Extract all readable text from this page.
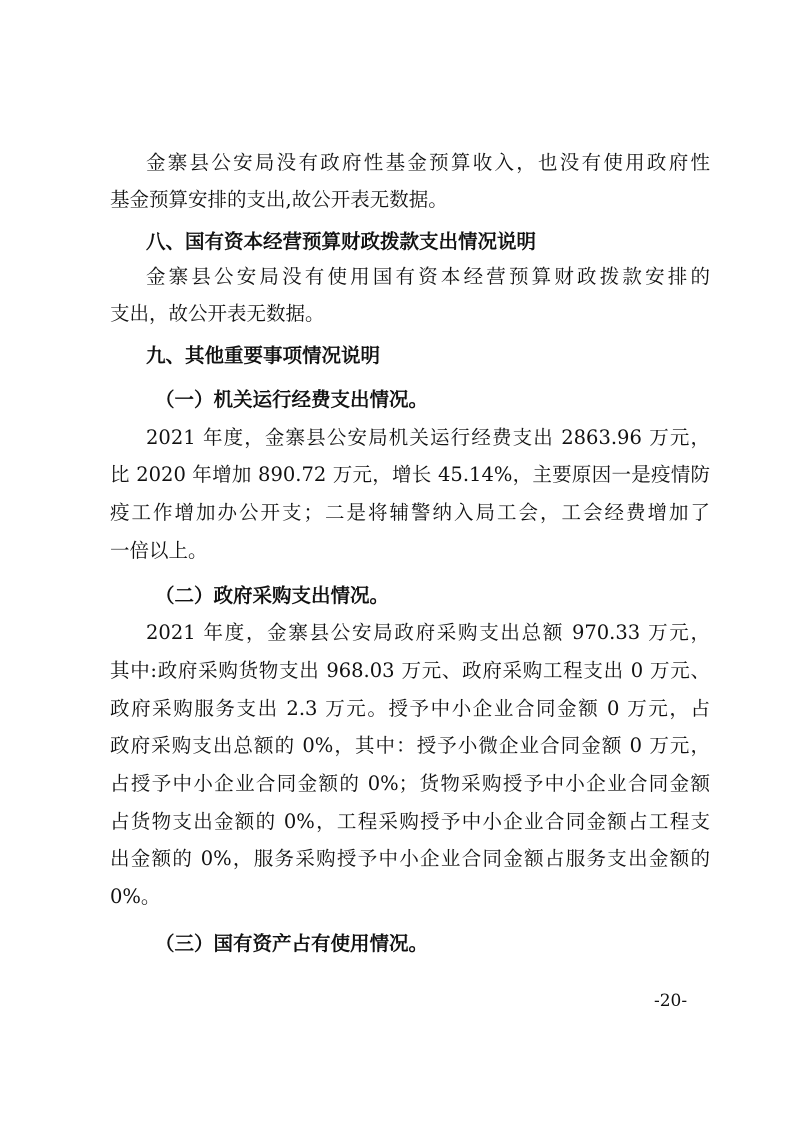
金寨县公安局没有政府性基金预算收入，也没有使用政府性
基金预算安排的支出,故公开表无数据。
八、国有资本经营预算财政拨款支出情况说明
金寨县公安局没有使用国有资本经营预算财政拨款安排的
支出，故公开表无数据。
九、其他重要事项情况说明
（一）机关运行经费支出情况。
2021 年度，金寨县公安局机关运行经费支出 2863.96 万元，
比 2020 年增加 890.72 万元，增长 45.14%，主要原因一是疫情防
疫工作增加办公开支；二是将辅警纳入局工会，工会经费增加了
一倍以上。
（二）政府采购支出情况。
2021 年度，金寨县公安局政府采购支出总额 970.33 万元，
其中:政府采购货物支出 968.03 万元、政府采购工程支出 0 万元、
政府采购服务支出 2.3 万元。授予中小企业合同金额 0 万元，占
政府采购支出总额的 0%，其中：授予小微企业合同金额 0 万元，
占授予中小企业合同金额的 0%；货物采购授予中小企业合同金额
占货物支出金额的 0%，工程采购授予中小企业合同金额占工程支
出金额的 0%，服务采购授予中小企业合同金额占服务支出金额的
0%。
（三）国有资产占有使用情况。
-20-
